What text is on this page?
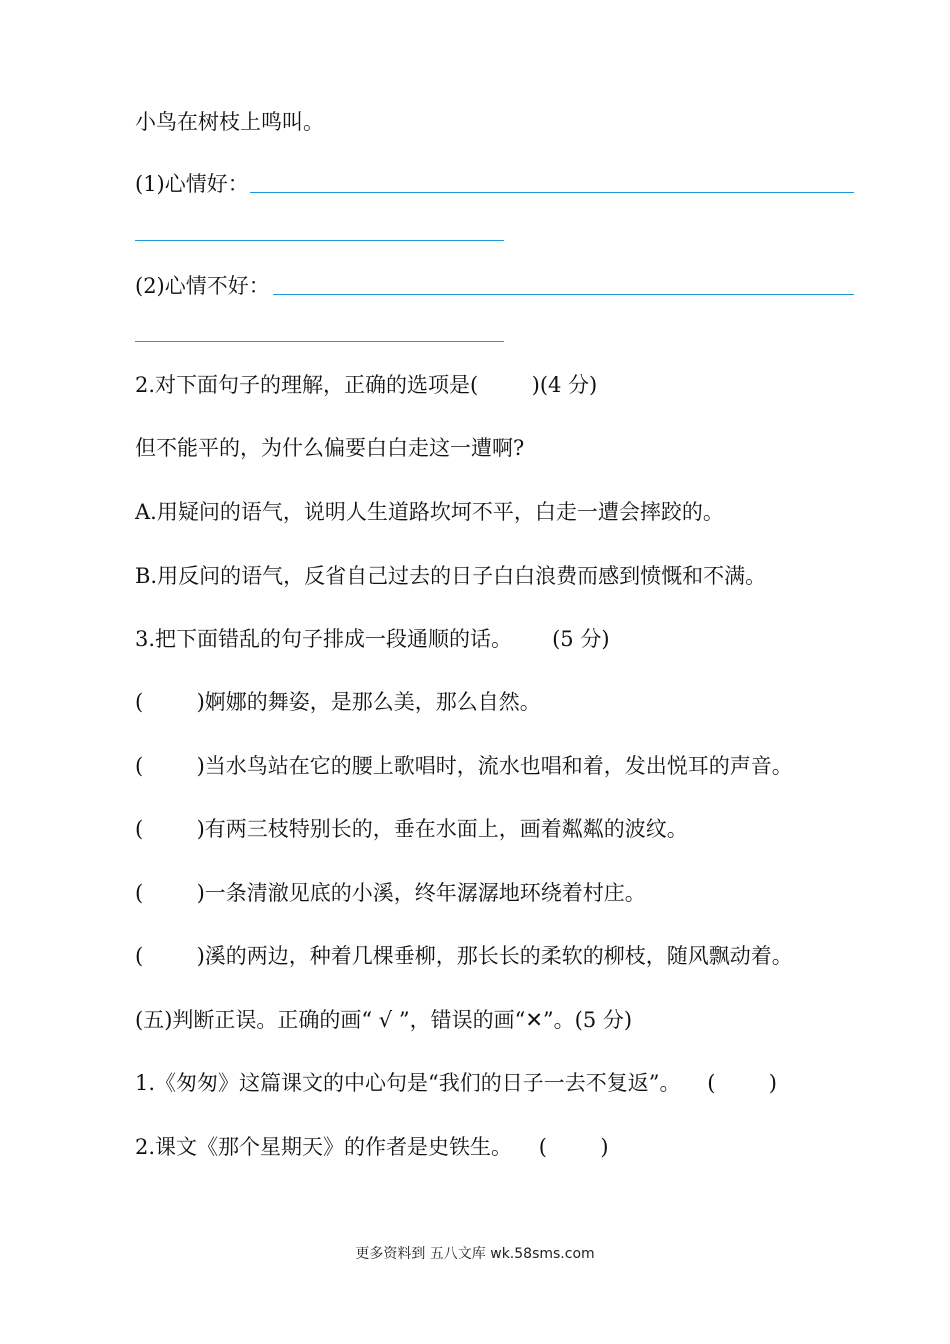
小鸟在树枝上鸣叫。
(1)心情好：
(2)心情不好：
2.对下面句子的理解，正确的选项是(        )(4 分)
但不能平的，为什么偏要白白走这一遭啊?
A.用疑问的语气，说明人生道路坎坷不平，白走一遭会摔跤的。
B.用反问的语气，反省自己过去的日子白白浪费而感到愤慨和不满。
3.把下面错乱的句子排成一段通顺的话。      (5 分)
(        )婀娜的舞姿，是那么美，那么自然。
(        )当水鸟站在它的腰上歌唱时，流水也唱和着，发出悦耳的声音。
(        )有两三枝特别长的，垂在水面上，画着粼粼的波纹。
(        )一条清澈见底的小溪，终年潺潺地环绕着村庄。
(        )溪的两边，种着几棵垂柳，那长长的柔软的柳枝，随风飘动着。
(五)判断正误。正确的画“ √ ”，错误的画“✕”。(5 分)
1.《匆匆》这篇课文的中心句是“我们的日子一去不复返”。    (        )
2.课文《那个星期天》的作者是史铁生。    (        )
更多资料到 五八文库 wk.58sms.com
